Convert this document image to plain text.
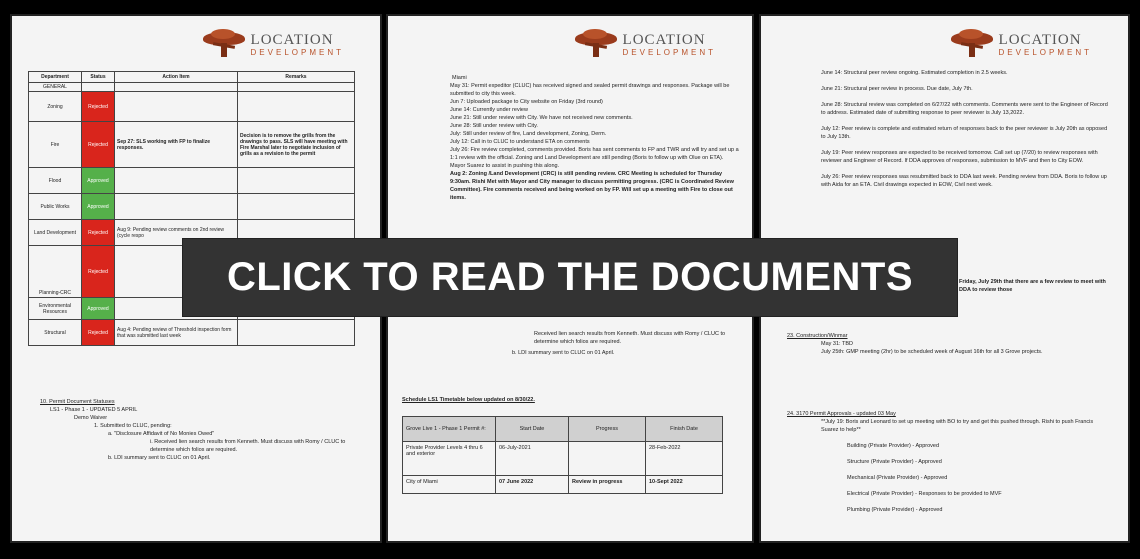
LOCATION
DEVELOPMENT
Department	Status	Action Item	Remarks
GENERAL			
Zoning	Rejected		
Fire	Rejected	Sep 27: SLS working with FP to finalize responses.	Decision is to remove the grills from the drawings to pass. SLS will have meeting with Fire Marshal later to negotiate inclusion of grills as a revision to the permit
Flood	Approved		
Public Works	Approved		
Land Development	Rejected	Aug 9: Pending review comments on 2nd review (cycle respo	
Planning-CRC	Rejected		
Environmental Resources	Approved		
Structural	Rejected	Aug 4: Pending review of Threshold inspection form that was submitted last week	

10. Permit Document Statuses

LS1 - Phase 1 - UPDATED 5 APRIL

Demo Waiver

1. Submitted to CLUC, pending:

a. "Disclosure Affidavit of No Monies Owed"

i. Received lien search results from Kenneth. Must discuss with Romy / CLUC to determine which folios are required.

b. LDI summary sent to CLUC on 01 April.

LOCATION
DEVELOPMENT

Miami

May 31: Permit expeditor (CLUC) has received signed and sealed permit drawings and responses. Package will be submitted to city this week.

Jun 7: Uploaded package to City website on Friday (3rd round)

June 14: Currently under review

June 21: Still under review with City. We have not received new comments.

June 28: Still under review with City.

July: Still under review of fire, Land development, Zoning, Derm.

July 12: Call in to CLUC to understand ETA on comments

July 26: Fire review completed, comments provided. Boris has sent comments to FP and TWR and will try and set up a 1:1 review with the official. Zoning and Land Development are still pending (Boris to follow up with Olue on ETA). Mayor Suarez to assist in pushing this along.

Aug 2: Zoning /Land Development (CRC) is still pending review. CRC Meeting is scheduled for Thursday 9:30am. Rishi Met with Mayor and City manager to discuss permitting progress. (CRC is Coordinated Review Committee). Fire comments received and being worked on by FP. Will set up a meeting with Fire to close out items.

Received lien search results from Kenneth. Must discuss with Romy / CLUC to determine which folios are required.

b. LDI summary sent to CLUC on 01 April.

Schedule LS1 Timetable below updated on 8/30/22.
Grove Live 1 - Phase 1 Permit #:	Start Date	Progress	Finish Date
Private Provider Levels 4 thru 6 and exterior	06-July-2021		28-Feb-2022
City of Miami	07 June 2022	Review in progress	10-Sept 2022
LOCATION
DEVELOPMENT

June 14: Structural peer review ongoing. Estimated completion in 2.5 weeks.

June 21: Structural peer review in process. Due date, July 7th.

June 28: Structural review was completed on 6/27/22 with comments. Comments were sent to the Engineer of Record to address. Estimated date of submitting response to peer reviewer is July 13,2022.

July 12: Peer review is complete and estimated return of responses back to the peer reviewer is July 20th as opposed to July 13th.

July 19: Peer review responses are expected to be received tomorrow. Call set up (7/20) to review responses with reviewer and Engineer of Record. If DDA approves of responses, submission to MVF and then to City EOW.

July 26: Peer review responses was resubmitted back to DDA last week. Pending review from DDA. Boris to follow up with Aida for an ETA. Civil drawings expected in EOW, Civil next week.

Friday, July 29th that there are a few review to meet with DDA to review those

23. Construction/Winmar

May 31: TBD

July 25th: GMP meeting (2hr) to be scheduled week of August 16th for all 3 Grove projects.

24. 3170 Permit Approvals - updated 03 May

**July 19: Boris and Leonard to set up meeting with BO to try and get this pushed through. Rishi to push Francis Suarez to help**

Building (Private Provider) - Approved

Structure (Private Provider) - Approved

Mechanical (Private Provider) - Approved

Electrical (Private Provider) - Responses to be provided to MVF

Plumbing (Private Provider) - Approved

CLICK TO READ THE DOCUMENTS
